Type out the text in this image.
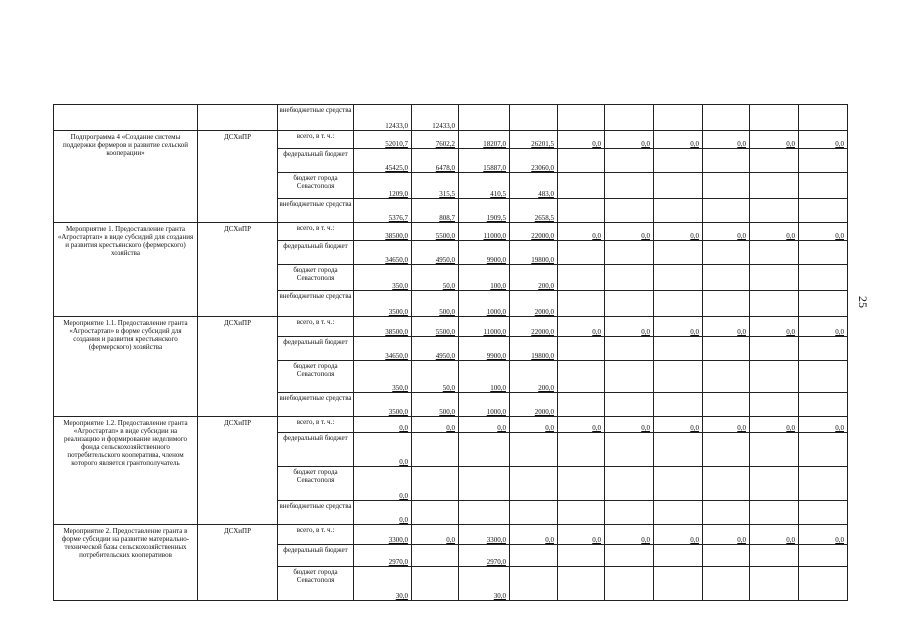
25
		внебюджетные средства	12433,0	12433,0								
Подпрограмма 4 «Создание системы поддержки фермеров и развитие сельской кооперации»	ДСХиПР	всего, в т. ч.:	52010,7	7602,2	18207,0	26201,5	0,0	0,0	0,0	0,0	0,0	0,0
		федеральный бюджет	45425,0	6478,0	15887,0	23060,0						
		бюджет города Севастополя	1209,0	315,5	410,5	483,0						
		внебюджетные средства	5376,7	808,7	1909,5	2658,5						
Мероприятие 1. Предоставление гранта «Агростартап» в виде субсидий для создания и развития крестьянского (фермерского) хозяйства	ДСХиПР	всего, в т. ч.:	38500,0	5500,0	11000,0	22000,0	0,0	0,0	0,0	0,0	0,0	0,0
		федеральный бюджет	34650,0	4950,0	9900,0	19800,0						
		бюджет города Севастополя	350,0	50,0	100,0	200,0						
		внебюджетные средства	3500,0	500,0	1000,0	2000,0						
Мероприятие 1.1. Предоставление гранта «Агростартап» в форме субсидий для создания и развития крестьянского (фермерского) хозяйства	ДСХиПР	всего, в т. ч.:	38500,0	5500,0	11000,0	22000,0	0,0	0,0	0,0	0,0	0,0	0,0
		федеральный бюджет	34650,0	4950,0	9900,0	19800,0						
		бюджет города Севастополя	350,0	50,0	100,0	200,0						
		внебюджетные средства	3500,0	500,0	1000,0	2000,0						
Мероприятие 1.2. Предоставление гранта «Агростартап» в виде субсидии на реализацию и формирование неделимого фонда сельскохозяйственного потребительского кооператива, членом которого является грантополучатель	ДСХиПР	всего, в т. ч.:	0,0	0,0	0,0	0,0	0,0	0,0	0,0	0,0	0,0	0,0
		федеральный бюджет	0,0									
		бюджет города Севастополя	0,0									
		внебюджетные средства	0,0									
Мероприятие 2. Предоставление гранта в форме субсидии на развитие материально-технической базы сельскохозяйственных потребительских кооперативов	ДСХиПР	всего, в т. ч.:	3300,0	0,0	3300,0	0,0	0,0	0,0	0,0	0,0	0,0	0,0
		федеральный бюджет	2970,0		2970,0							
		бюджет города Севастополя	30,0		30,0							
